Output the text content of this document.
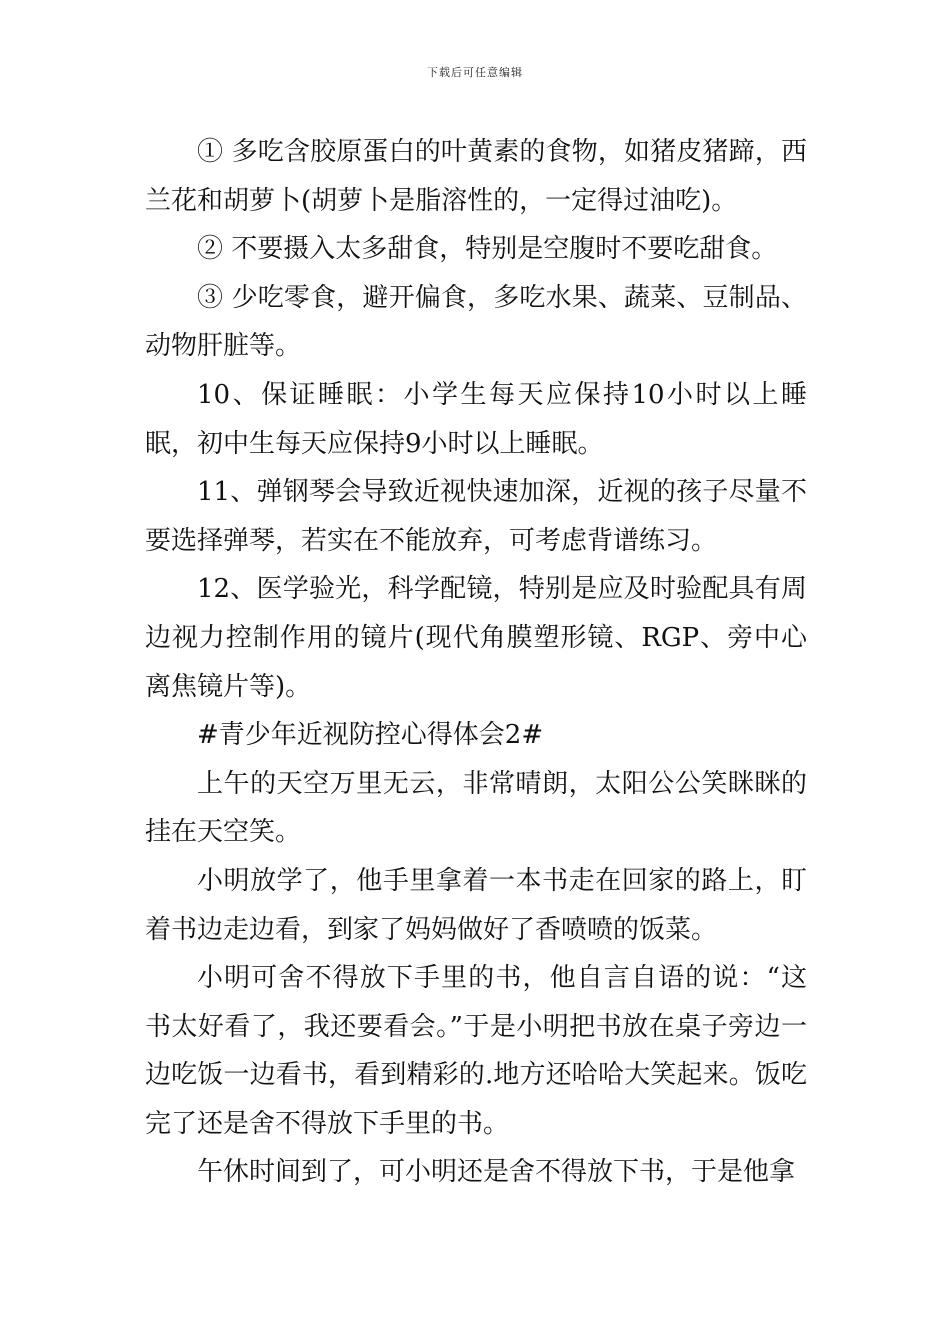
下载后可任意编辑

① 多吃含胶原蛋白的叶黄素的食物，如猪皮猪蹄，西兰花和胡萝卜(胡萝卜是脂溶性的，一定得过油吃)。

② 不要摄入太多甜食，特别是空腹时不要吃甜食。

③ 少吃零食，避开偏食，多吃水果、蔬菜、豆制品、动物肝脏等。

10、保证睡眠：小学生每天应保持10小时以上睡眠，初中生每天应保持9小时以上睡眠。

11、弹钢琴会导致近视快速加深，近视的孩子尽量不要选择弹琴，若实在不能放弃，可考虑背谱练习。

12、医学验光，科学配镜，特别是应及时验配具有周边视力控制作用的镜片(现代角膜塑形镜、RGP、旁中心离焦镜片等)。

#青少年近视防控心得体会2#

上午的天空万里无云，非常晴朗，太阳公公笑眯眯的挂在天空笑。

小明放学了，他手里拿着一本书走在回家的路上，盯着书边走边看，到家了妈妈做好了香喷喷的饭菜。

小明可舍不得放下手里的书，他自言自语的说：“这书太好看了，我还要看会。”于是小明把书放在桌子旁边一边吃饭一边看书，看到精彩的.地方还哈哈大笑起来。饭吃完了还是舍不得放下手里的书。

午休时间到了，可小明还是舍不得放下书，于是他拿
